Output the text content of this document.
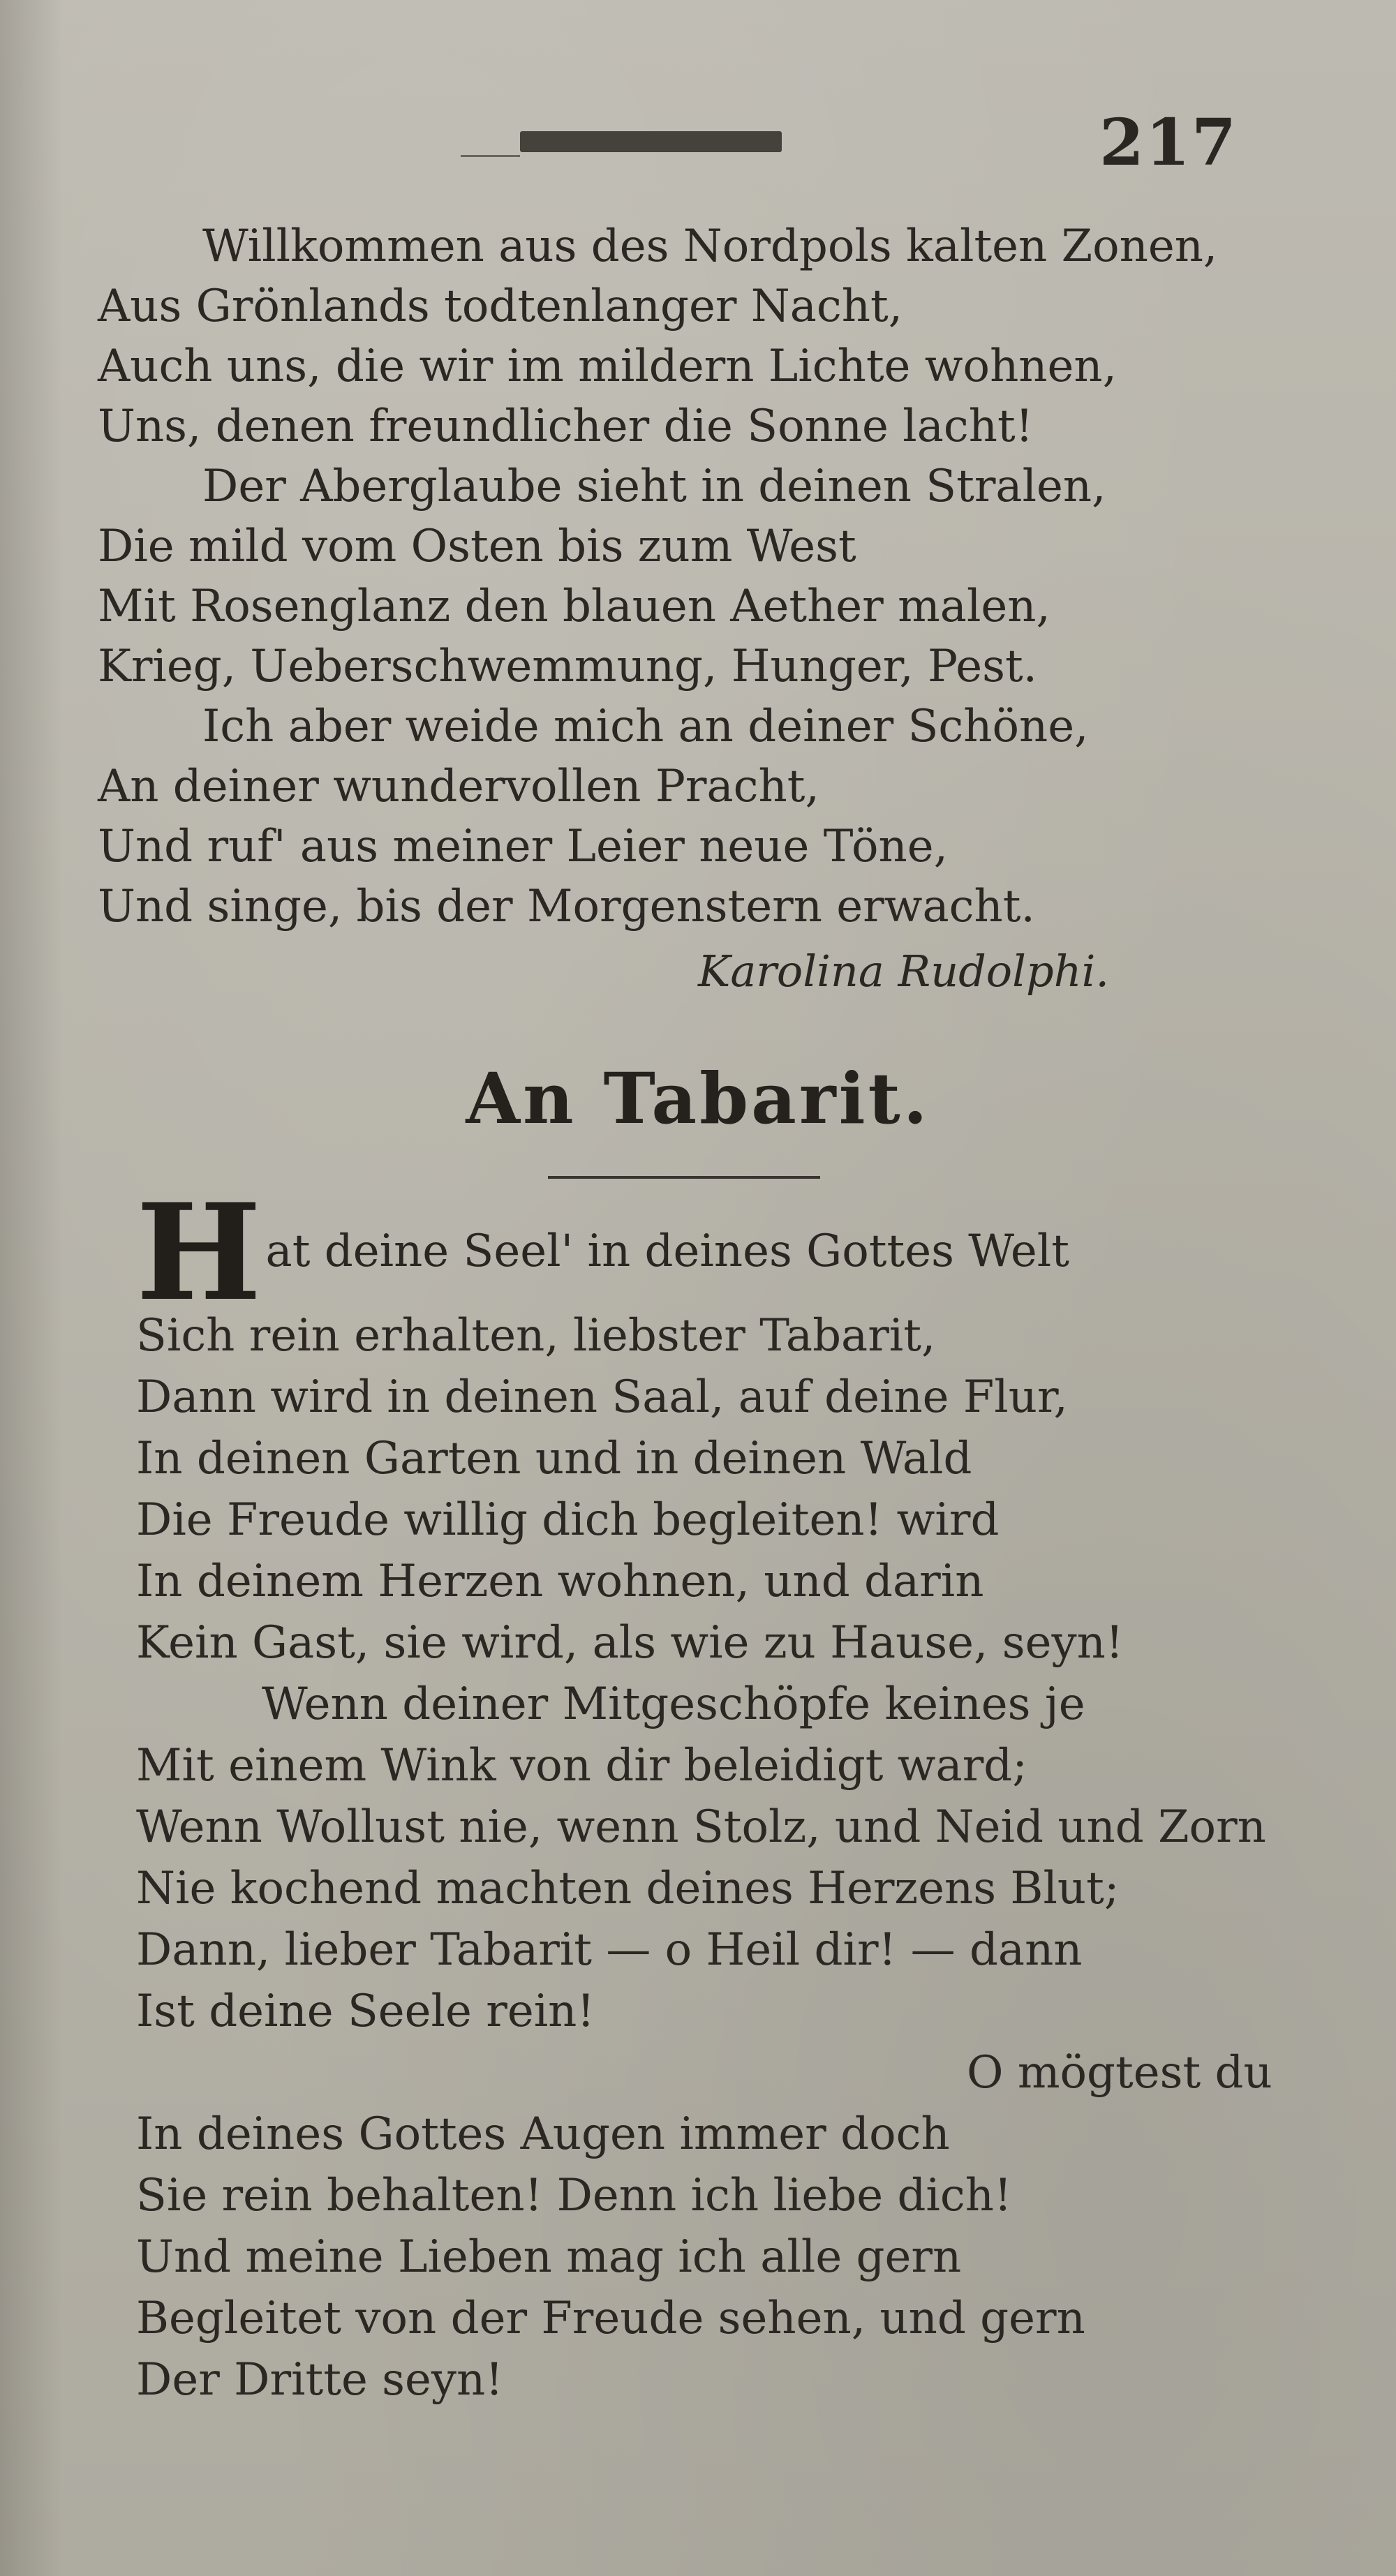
217
Willkommen aus des Nordpols kalten Zonen,
Aus Grönlands todtenlanger Nacht,
Auch uns, die wir im mildern Lichte wohnen,
Uns, denen freundlicher die Sonne lacht!
Der Aberglaube sieht in deinen Stralen,
Die mild vom Osten bis zum West
Mit Rosenglanz den blauen Aether malen,
Krieg, Ueberschwemmung, Hunger, Pest.
Ich aber weide mich an deiner Schöne,
An deiner wundervollen Pracht,
Und ruf' aus meiner Leier neue Töne,
Und singe, bis der Morgenstern erwacht.
Karolina Rudolphi.
An Tabarit.
H at deine Seel' in deines Gottes Welt
Sich rein erhalten, liebster Tabarit,
Dann wird in deinen Saal, auf deine Flur,
In deinen Garten und in deinen Wald
Die Freude willig dich begleiten! wird
In deinem Herzen wohnen, und darin
Kein Gast, sie wird, als wie zu Hause, seyn!
Wenn deiner Mitgeschöpfe keines je
Mit einem Wink von dir beleidigt ward;
Wenn Wollust nie, wenn Stolz, und Neid und Zorn
Nie kochend machten deines Herzens Blut;
Dann, lieber Tabarit — o Heil dir! — dann
Ist deine Seele rein!
O mögtest du
In deines Gottes Augen immer doch
Sie rein behalten! Denn ich liebe dich!
Und meine Lieben mag ich alle gern
Begleitet von der Freude sehen, und gern
Der Dritte seyn!
